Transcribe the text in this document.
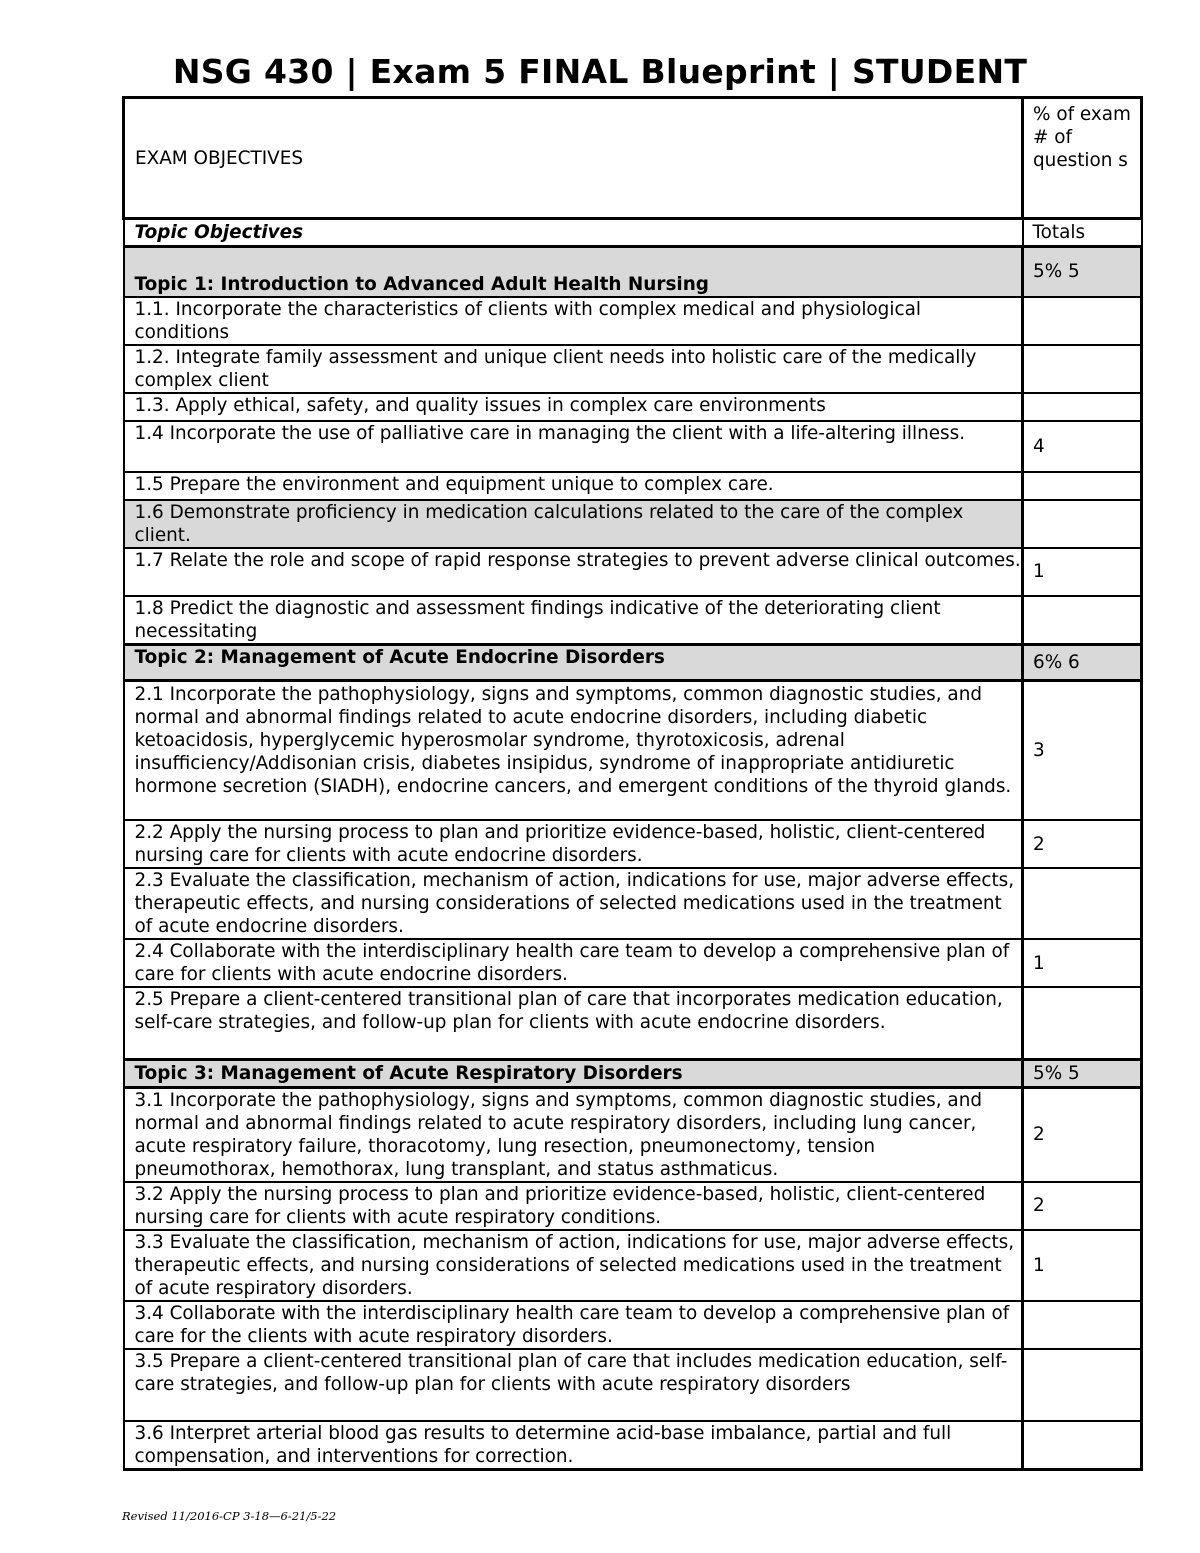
NSG 430 | Exam 5 FINAL Blueprint | STUDENT
EXAM OBJECTIVES	% of exam # of question s
Topic Objectives	Totals
Topic 1: Introduction to Advanced Adult Health Nursing	5% 5
1.1. Incorporate the characteristics of clients with complex medical and physiological conditions	
1.2. Integrate family assessment and unique client needs into holistic care of the medically complex client	
1.3. Apply ethical, safety, and quality issues in complex care environments	
1.4 Incorporate the use of palliative care in managing the client with a life-altering illness.	4
1.5 Prepare the environment and equipment unique to complex care.	
1.6 Demonstrate proficiency in medication calculations related to the care of the complex client.	
1.7 Relate the role and scope of rapid response strategies to prevent adverse clinical outcomes.	1
1.8 Predict the diagnostic and assessment findings indicative of the deteriorating client necessitating	
Topic 2: Management of Acute Endocrine Disorders	6% 6
2.1 Incorporate the pathophysiology, signs and symptoms, common diagnostic studies, and normal and abnormal findings related to acute endocrine disorders, including diabetic ketoacidosis, hyperglycemic hyperosmolar syndrome, thyrotoxicosis, adrenal insufficiency/Addisonian crisis, diabetes insipidus, syndrome of inappropriate antidiuretic hormone secretion (SIADH), endocrine cancers, and emergent conditions of the thyroid glands.	3
2.2 Apply the nursing process to plan and prioritize evidence-based, holistic, client-centered nursing care for clients with acute endocrine disorders.	2
2.3 Evaluate the classification, mechanism of action, indications for use, major adverse effects, therapeutic effects, and nursing considerations of selected medications used in the treatment of acute endocrine disorders.	
2.4 Collaborate with the interdisciplinary health care team to develop a comprehensive plan of care for clients with acute endocrine disorders.	1
2.5 Prepare a client-centered transitional plan of care that incorporates medication education, self-care strategies, and follow-up plan for clients with acute endocrine disorders.	
Topic 3: Management of Acute Respiratory Disorders	5% 5
3.1 Incorporate the pathophysiology, signs and symptoms, common diagnostic studies, and normal and abnormal findings related to acute respiratory disorders, including lung cancer, acute respiratory failure, thoracotomy, lung resection, pneumonectomy, tension pneumothorax, hemothorax, lung transplant, and status asthmaticus.	2
3.2 Apply the nursing process to plan and prioritize evidence-based, holistic, client-centered nursing care for clients with acute respiratory conditions.	2
3.3 Evaluate the classification, mechanism of action, indications for use, major adverse effects, therapeutic effects, and nursing considerations of selected medications used in the treatment of acute respiratory disorders.	1
3.4 Collaborate with the interdisciplinary health care team to develop a comprehensive plan of care for the clients with acute respiratory disorders.	
3.5 Prepare a client-centered transitional plan of care that includes medication education, self-care strategies, and follow-up plan for clients with acute respiratory disorders	
3.6 Interpret arterial blood gas results to determine acid-base imbalance, partial and full compensation, and interventions for correction.	
Revised 11/2016-CP 3-18—6-21/5-22
